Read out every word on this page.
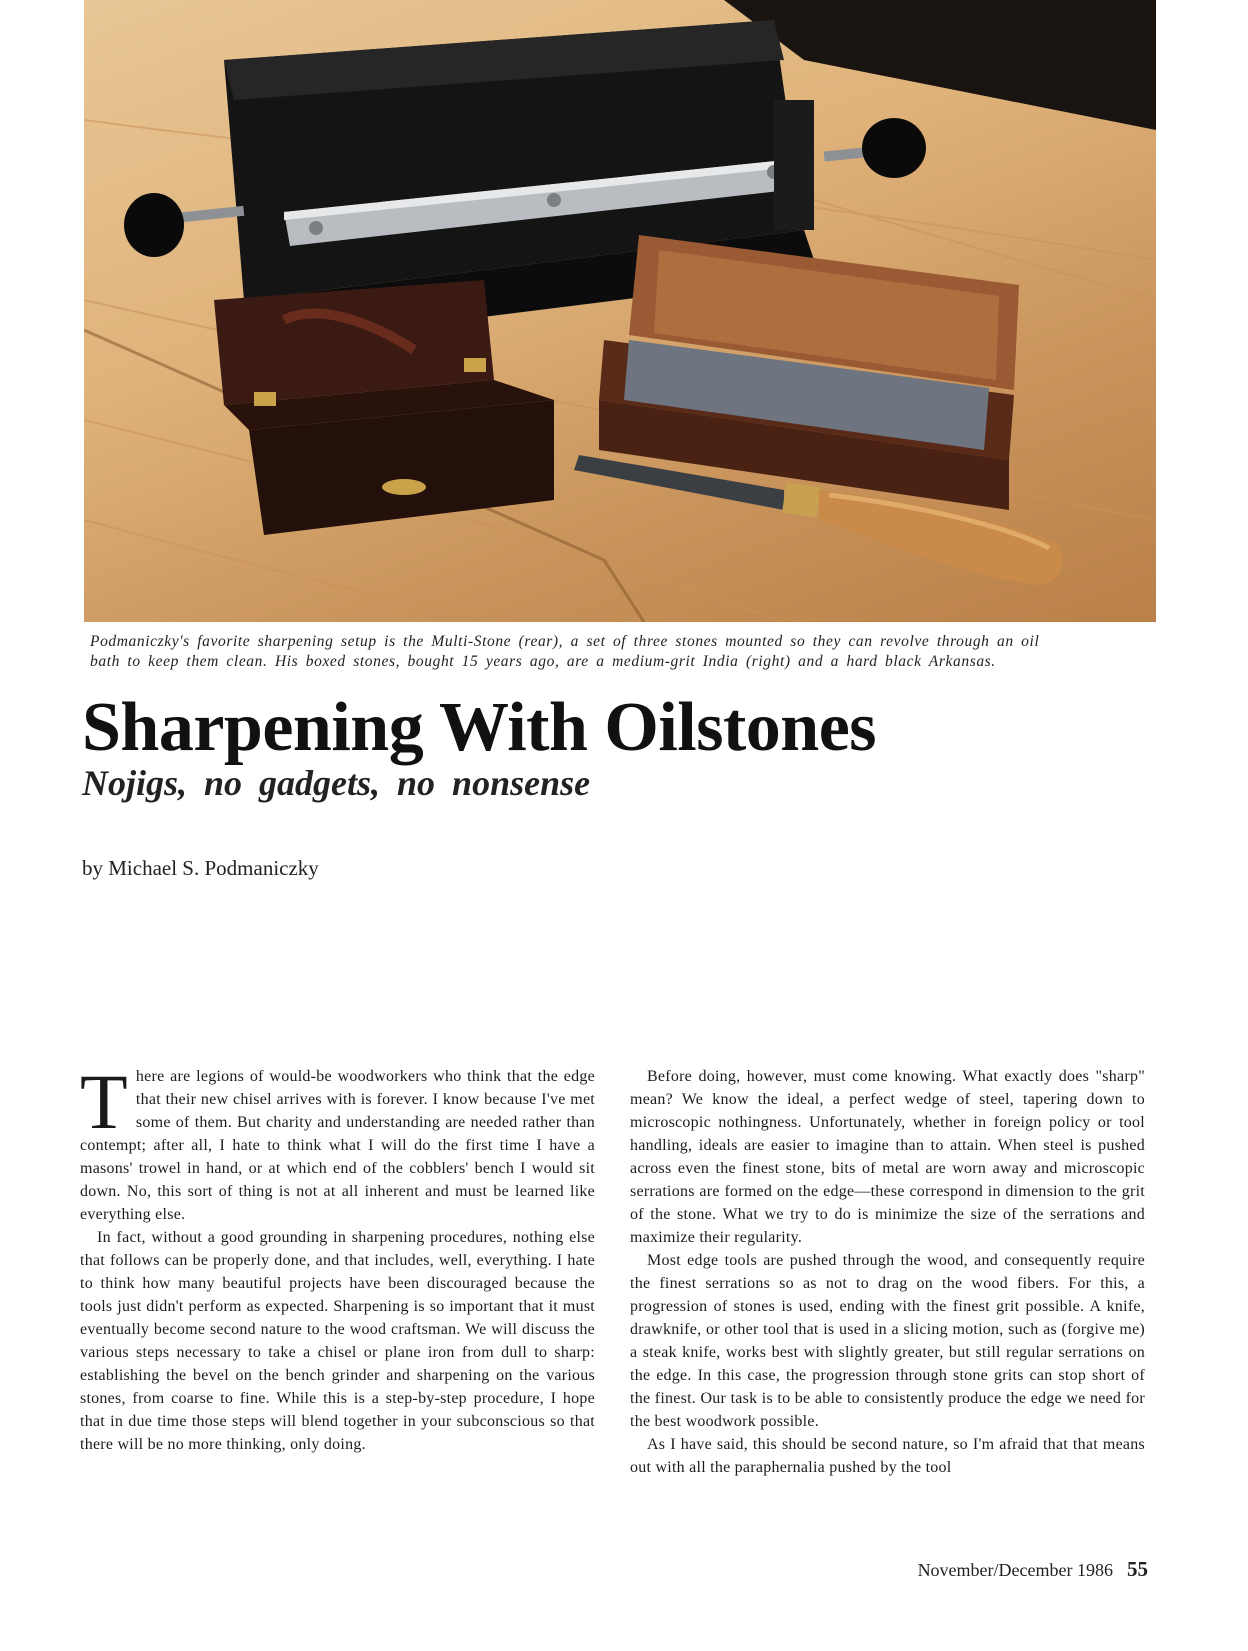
Podmaniczky's favorite sharpening setup is the Multi-Stone (rear), a set of three stones mounted so they can revolve through an oil
bath to keep them clean. His boxed stones, bought 15 years ago, are a medium-grit India (right) and a hard black Arkansas.
Sharpening With Oilstones
Nojigs, no gadgets, no nonsense

by Michael S. Podmaniczky

There are legions of would-be woodworkers who think that the edge that their new chisel arrives with is forever. I know because I've met some of them. But charity and understanding are needed rather than contempt; after all, I hate to think what I will do the first time I have a masons' trowel in hand, or at which end of the cobblers' bench I would sit down. No, this sort of thing is not at all inherent and must be learned like everything else.

In fact, without a good grounding in sharpening procedures, nothing else that follows can be properly done, and that includes, well, everything. I hate to think how many beautiful projects have been discouraged because the tools just didn't perform as expected. Sharpening is so important that it must eventually become second nature to the wood craftsman. We will discuss the various steps necessary to take a chisel or plane iron from dull to sharp: establishing the bevel on the bench grinder and sharpening on the various stones, from coarse to fine. While this is a step-by-step procedure, I hope that in due time those steps will blend together in your subconscious so that there will be no more thinking, only doing.

Before doing, however, must come knowing. What exactly does "sharp" mean? We know the ideal, a perfect wedge of steel, tapering down to microscopic nothingness. Unfortunately, whether in foreign policy or tool handling, ideals are easier to imagine than to attain. When steel is pushed across even the finest stone, bits of metal are worn away and microscopic serrations are formed on the edge—these correspond in dimension to the grit of the stone. What we try to do is minimize the size of the serrations and maximize their regularity.

Most edge tools are pushed through the wood, and consequently require the finest serrations so as not to drag on the wood fibers. For this, a progression of stones is used, ending with the finest grit possible. A knife, drawknife, or other tool that is used in a slicing motion, such as (forgive me) a steak knife, works best with slightly greater, but still regular serrations on the edge. In this case, the progression through stone grits can stop short of the finest. Our task is to be able to consistently produce the edge we need for the best woodwork possible.

As I have said, this should be second nature, so I'm afraid that that means out with all the paraphernalia pushed by the tool

November/December 1986 55
